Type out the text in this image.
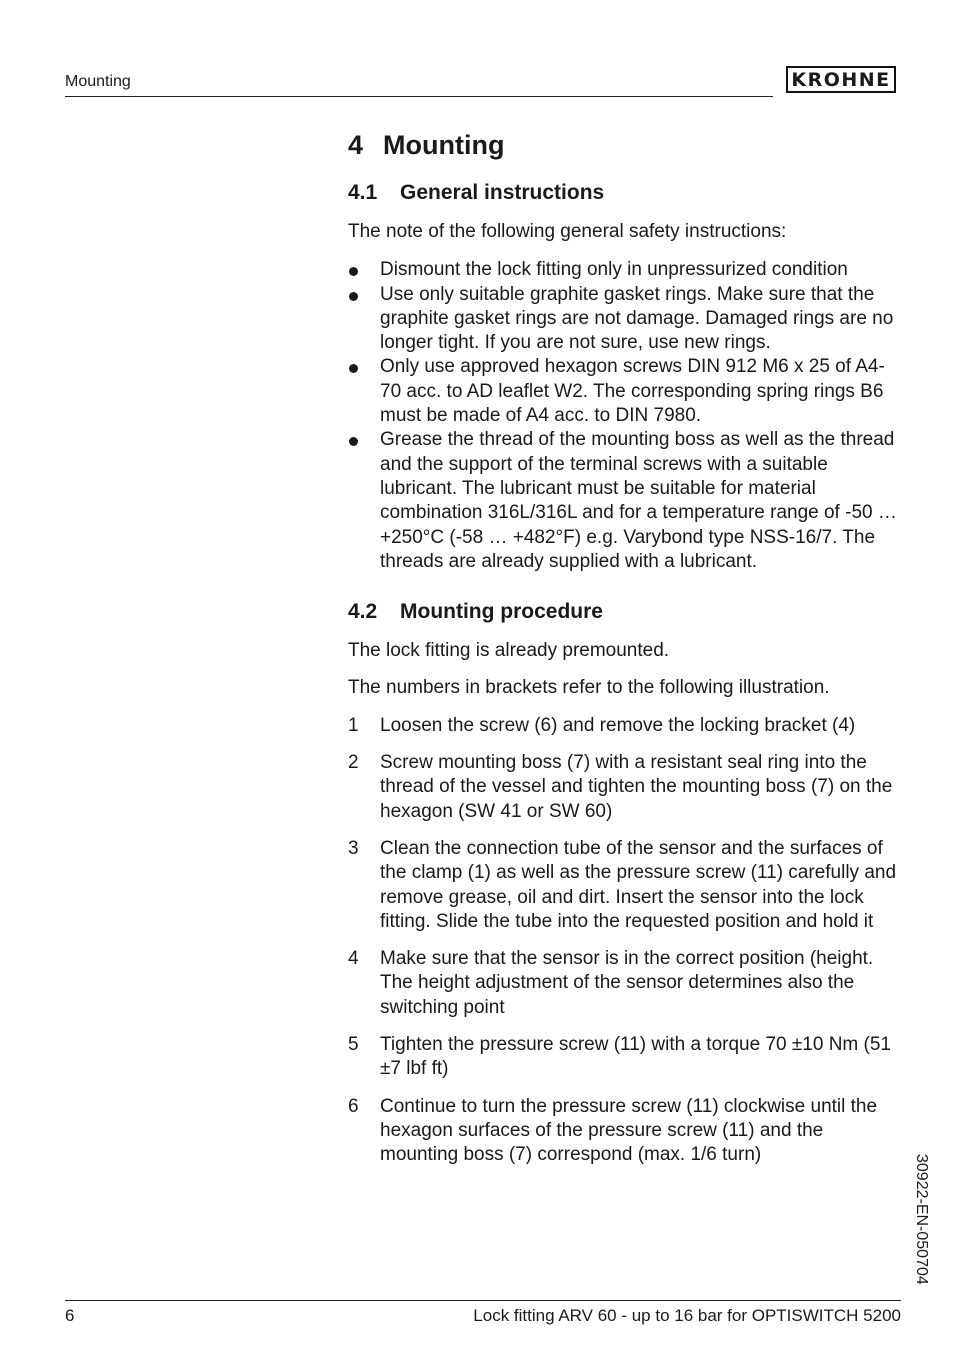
Mounting	KROHNE
4 Mounting
4.1 General instructions

The note of the following general safety instructions:

Dismount the lock fitting only in unpressurized condition
Use only suitable graphite gasket rings. Make sure that the graphite gasket rings are not damage. Damaged rings are no longer tight. If you are not sure, use new rings.
Only use approved hexagon screws DIN 912 M6 x 25 of A4-70 acc. to AD leaflet W2. The corresponding spring rings B6 must be made of A4 acc. to DIN 7980.
Grease the thread of the mounting boss as well as the thread and the support of the terminal screws with a suitable lubricant. The lubricant must be suitable for material combination 316L/316L and for a temperature range of -50 … +250°C (-58 … +482°F) e.g. Varybond type NSS-16/7. The threads are already supplied with a lubricant.
4.2 Mounting procedure

The lock fitting is already premounted.

The numbers in brackets refer to the following illustration.

1 Loosen the screw (6) and remove the locking bracket (4)
2 Screw mounting boss (7) with a resistant seal ring into the thread of the vessel and tighten the mounting boss (7) on the hexagon (SW 41 or SW 60)
3 Clean the connection tube of the sensor and the surfaces of the clamp (1) as well as the pressure screw (11) carefully and remove grease, oil and dirt. Insert the sensor into the lock fitting. Slide the tube into the requested position and hold it
4 Make sure that the sensor is in the correct position (height. The height adjustment of the sensor determines also the switching point
5 Tighten the pressure screw (11) with a torque 70 ±10 Nm (51 ±7 lbf ft)
6 Continue to turn the pressure screw (11) clockwise until the hexagon surfaces of the pressure screw (11) and the mounting boss (7) correspond (max. 1/6 turn)	30922-EN-050704
6	Lock fitting ARV 60 - up to 16 bar for OPTISWITCH 5200
